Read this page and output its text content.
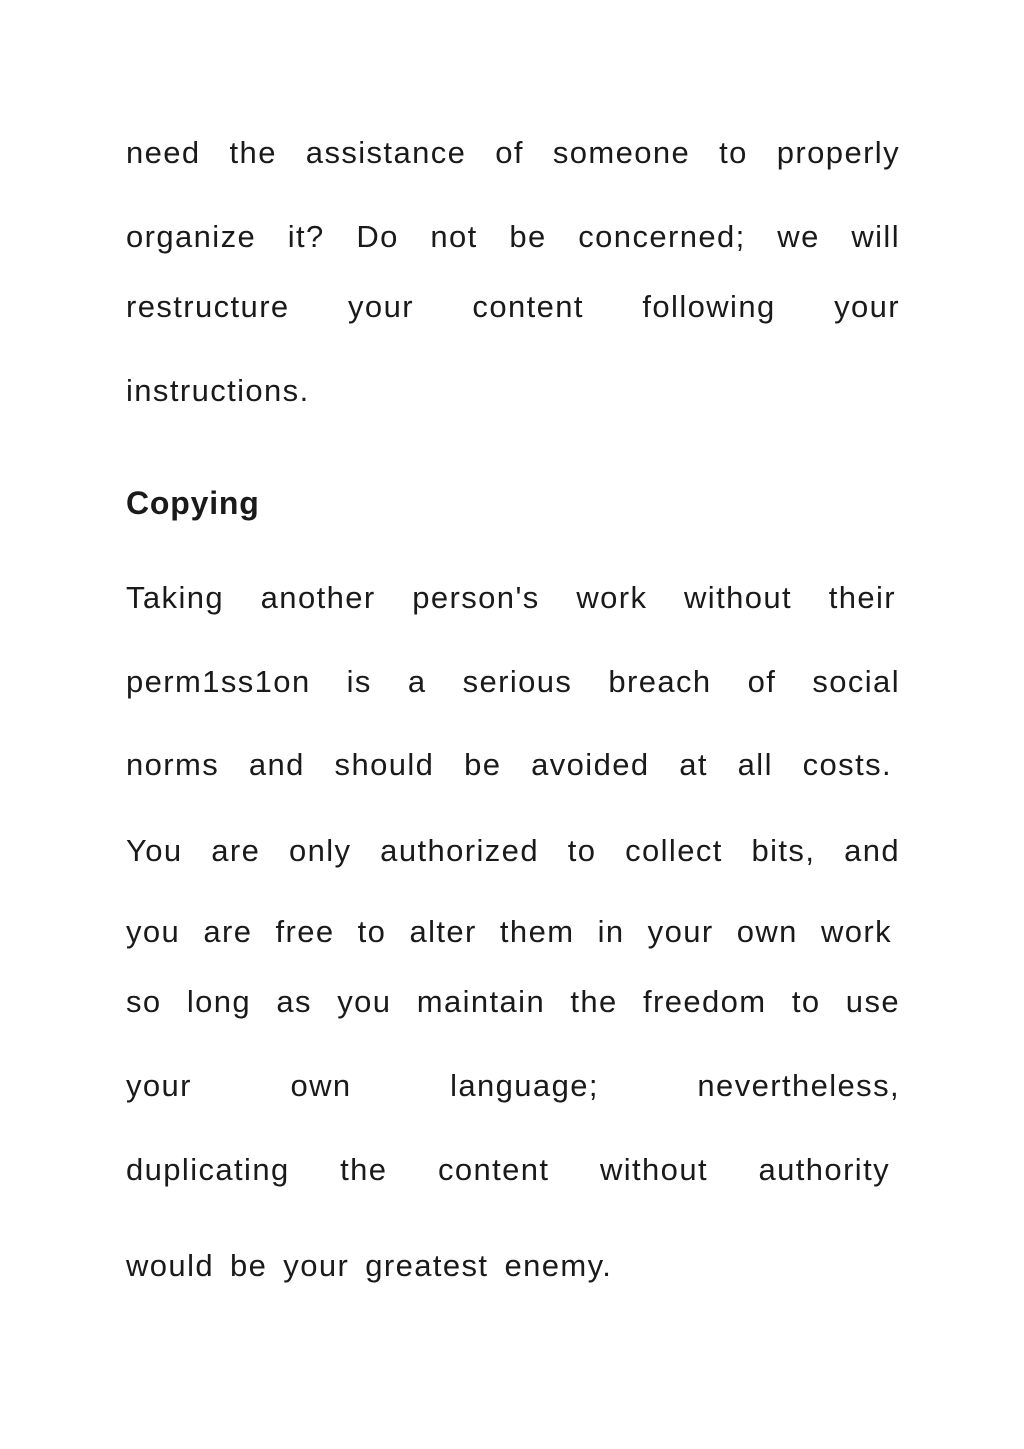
need the assistance of someone to properly
organize it? Do not be concerned; we will
restructure your content following your
instructions.
Copying
Taking another person's work without their
perm1ss1on is a serious breach of social
norms and should be avoided at all costs.
You are only authorized to collect bits, and
you are free to alter them in your own work
so long as you maintain the freedom to use
your own language; nevertheless,
duplicating the content without authority
would be your greatest enemy.
